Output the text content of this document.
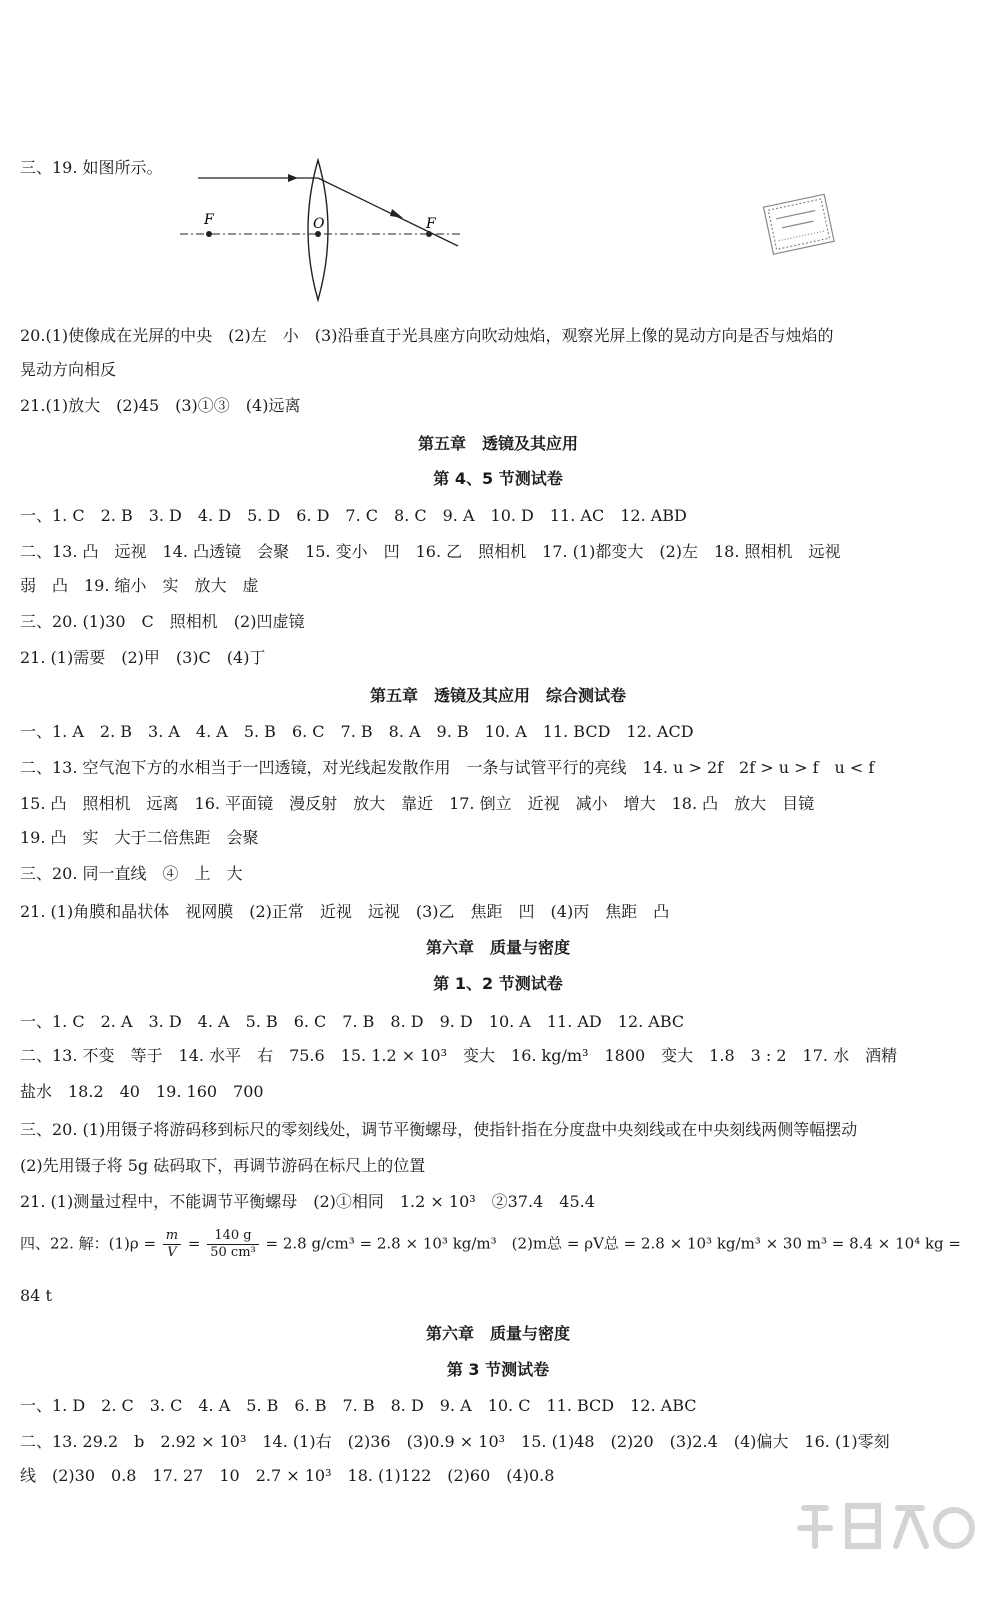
F	O	F
三、19. 如图所示。
20.(1)使像成在光屏的中央　(2)左　小　(3)沿垂直于光具座方向吹动烛焰，观察光屏上像的晃动方向是否与烛焰的
晃动方向相反
21.(1)放大　(2)45　(3)①③　(4)远离
第五章　透镜及其应用
第 4、5 节测试卷
一、1. C　2. B　3. D　4. D　5. D　6. D　7. C　8. C　9. A　10. D　11. AC　12. ABD
二、13. 凸　远视　14. 凸透镜　会聚　15. 变小　凹　16. 乙　照相机　17. (1)都变大　(2)左　18. 照相机　远视
弱　凸　19. 缩小　实　放大　虚
三、20. (1)30　C　照相机　(2)凹虚镜
21. (1)需要　(2)甲　(3)C　(4)丁
第五章　透镜及其应用　综合测试卷
一、1. A　2. B　3. A　4. A　5. B　6. C　7. B　8. A　9. B　10. A　11. BCD　12. ACD
二、13. 空气泡下方的水相当于一凹透镜，对光线起发散作用　一条与试管平行的亮线　14. u > 2f　2f > u > f　u < f
15. 凸　照相机　远离　16. 平面镜　漫反射　放大　靠近　17. 倒立　近视　减小　增大　18. 凸　放大　目镜
19. 凸　实　大于二倍焦距　会聚
三、20. 同一直线　④　上　大
21. (1)角膜和晶状体　视网膜　(2)正常　近视　远视　(3)乙　焦距　凹　(4)丙　焦距　凸
第六章　质量与密度
第 1、2 节测试卷
一、1. C　2. A　3. D　4. A　5. B　6. C　7. B　8. D　9. D　10. A　11. AD　12. ABC
二、13. 不变　等于　14. 水平　右　75.6　15. 1.2 × 10³　变大　16. kg/m³　1800　变大　1.8　3 : 2　17. 水　酒精
盐水　18.2　40　19. 160　700
三、20. (1)用镊子将游码移到标尺的零刻线处，调节平衡螺母，使指针指在分度盘中央刻线或在中央刻线两侧等幅摆动
(2)先用镊子将 5g 砝码取下，再调节游码在标尺上的位置
21. (1)测量过程中，不能调节平衡螺母　(2)①相同　1.2 × 10³　②37.4　45.4
四、22. 解：$(1)\rho = \frac{m}{V} = \frac{140 g}{\text{50 cm³}} = 2.8$ g/cm³ = 2.8 × 10³ kg/m³　(2)m总 = ρV总 = 2.8 × 10³ kg/m³ × 30 m³ = 8.4 × 10⁴ kg =
84 t
第六章　质量与密度
第 3 节测试卷
一、1. D　2. C　3. C　4. A　5. B　6. B　7. B　8. D　9. A　10. C　11. BCD　12. ABC
二、13. 29.2　b　2.92 × 10³　14. (1)右　(2)36　(3)0.9 × 10³　15. (1)48　(2)20　(3)2.4　(4)偏大　16. (1)零刻
线　(2)30　0.8　17. 27　10　2.7 × 10³　18. (1)122　(2)60　(4)0.8
